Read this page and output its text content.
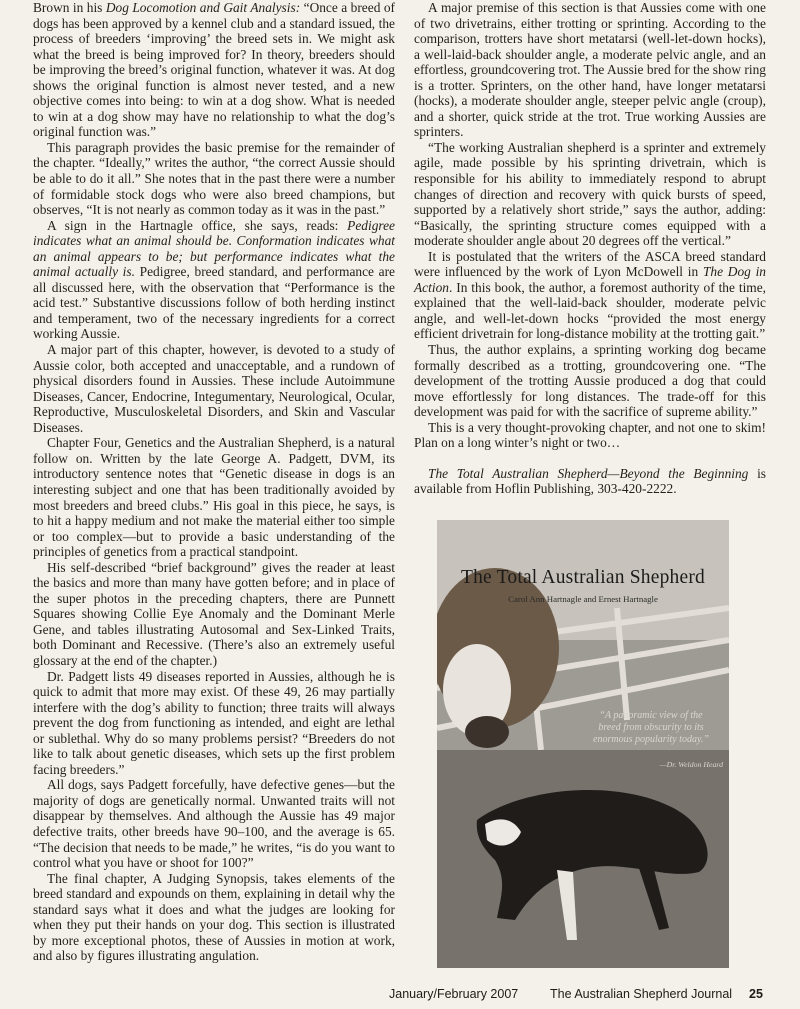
Brown in his Dog Locomotion and Gait Analysis: “Once a breed of dogs has been approved by a kennel club and a standard issued, the process of breeders ‘improving’ the breed sets in. We might ask what the breed is being improved for? In theory, breeders should be improving the breed’s original function, whatever it was. At dog shows the original function is almost never tested, and a new objective comes into being: to win at a dog show. What is needed to win at a dog show may have no relationship to what the dog’s original function was.”

This paragraph provides the basic premise for the remainder of the chapter. “Ideally,” writes the author, “the correct Aussie should be able to do it all.” She notes that in the past there were a number of formidable stock dogs who were also breed champions, but observes, “It is not nearly as common today as it was in the past.”

A sign in the Hartnagle office, she says, reads: Pedigree indicates what an animal should be. Conformation indicates what an animal appears to be; but performance indicates what the animal actually is. Pedigree, breed standard, and performance are all discussed here, with the observation that “Performance is the acid test.” Substantive discussions follow of both herding instinct and temperament, two of the necessary ingredients for a correct working Aussie.

A major part of this chapter, however, is devoted to a study of Aussie color, both accepted and unacceptable, and a rundown of physical disorders found in Aussies. These include Autoimmune Diseases, Cancer, Endocrine, Integumentary, Neurological, Ocular, Reproductive, Musculoskeletal Disorders, and Skin and Vascular Diseases.

Chapter Four, Genetics and the Australian Shepherd, is a natural follow on. Written by the late George A. Padgett, DVM, its introductory sentence notes that “Genetic disease in dogs is an interesting subject and one that has been traditionally avoided by most breeders and breed clubs.” His goal in this piece, he says, is to hit a happy medium and not make the material either too simple or too complex—but to provide a basic understanding of the principles of genetics from a practical standpoint.

His self-described “brief background” gives the reader at least the basics and more than many have gotten before; and in place of the super photos in the preceding chapters, there are Punnett Squares showing Collie Eye Anomaly and the Dominant Merle Gene, and tables illustrating Autosomal and Sex-Linked Traits, both Dominant and Recessive. (There’s also an extremely useful glossary at the end of the chapter.)

Dr. Padgett lists 49 diseases reported in Aussies, although he is quick to admit that more may exist. Of these 49, 26 may partially interfere with the dog’s ability to function; three traits will always prevent the dog from functioning as intended, and eight are lethal or sublethal. Why do so many problems persist? “Breeders do not like to talk about genetic diseases, which sets up the first problem facing breeders.”

All dogs, says Padgett forcefully, have defective genes—but the majority of dogs are genetically normal. Unwanted traits will not disappear by themselves. And although the Aussie has 49 major defective traits, other breeds have 90–100, and the average is 65. “The decision that needs to be made,” he writes, “is do you want to control what you have or shoot for 100?”

The final chapter, A Judging Synopsis, takes elements of the breed standard and expounds on them, explaining in detail why the standard says what it does and what the judges are looking for when they put their hands on your dog. This section is illustrated by more exceptional photos, these of Aussies in motion at work, and also by figures illustrating angulation.

A major premise of this section is that Aussies come with one of two drivetrains, either trotting or sprinting. According to the comparison, trotters have short metatarsi (well-let-down hocks), a well-laid-back shoulder angle, a moderate pelvic angle, and an effortless, groundcovering trot. The Aussie bred for the show ring is a trotter. Sprinters, on the other hand, have longer metatarsi (hocks), a moderate shoulder angle, steeper pelvic angle (croup), and a shorter, quick stride at the trot. True working Aussies are sprinters.

“The working Australian shepherd is a sprinter and extremely agile, made possible by his sprinting drivetrain, which is responsible for his ability to immediately respond to abrupt changes of direction and recovery with quick bursts of speed, supported by a relatively short stride,” says the author, adding: “Basically, the sprinting structure comes equipped with a moderate shoulder angle about 20 degrees off the vertical.”

It is postulated that the writers of the ASCA breed standard were influenced by the work of Lyon McDowell in The Dog in Action. In this book, the author, a foremost authority of the time, explained that the well-laid-back shoulder, moderate pelvic angle, and well-let-down hocks “provided the most energy efficient drivetrain for long-distance mobility at the trotting gait.”

Thus, the author explains, a sprinting working dog became formally described as a trotting, groundcovering one. “The development of the trotting Aussie produced a dog that could move effortlessly for long distances. The trade-off for this development was paid for with the sacrifice of supreme ability.”

This is a very thought-provoking chapter, and not one to skim! Plan on a long winter’s night or two…

The Total Australian Shepherd—Beyond the Beginning is available from Hoflin Publishing, 303-420-2222.

The Total Australian Shepherd
Carol Ann Hartnagle and Ernest Hartnagle
“A panoramic view of the breed from obscurity to its enormous popularity today.”
—Dr. Weldon Heard
January/February 2007	The Australian Shepherd Journal 25
